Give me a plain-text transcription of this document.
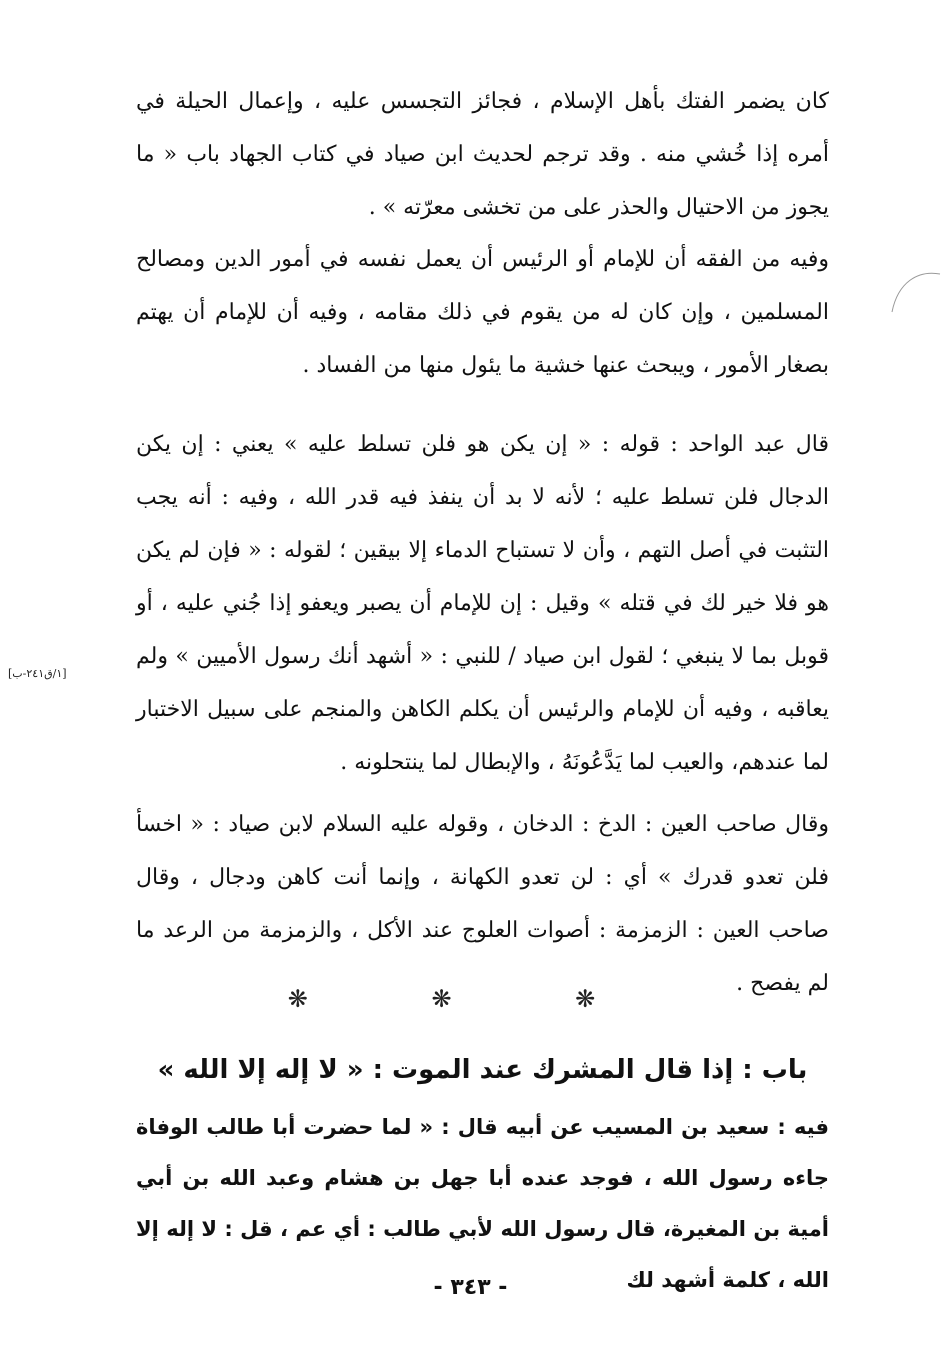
كان يضمر الفتك بأهل الإسلام ، فجائز التجسس عليه ، وإعمال الحيلة في أمره إذا خُشي منه . وقد ترجم لحديث ابن صياد في كتاب الجهاد باب « ما يجوز من الاحتيال والحذر على من تخشى معرّته » .

وفيه من الفقه أن للإمام أو الرئيس أن يعمل نفسه في أمور الدين ومصالح المسلمين ، وإن كان له من يقوم في ذلك مقامه ، وفيه أن للإمام أن يهتم بصغار الأمور ، ويبحث عنها خشية ما يئول منها من الفساد .

قال عبد الواحد : قوله : « إن يكن هو فلن تسلط عليه » يعني : إن يكن الدجال فلن تسلط عليه ؛ لأنه لا بد أن ينفذ فيه قدر الله ، وفيه : أنه يجب التثبت في أصل التهم ، وأن لا تستباح الدماء إلا بيقين ؛ لقوله : « فإن لم يكن هو فلا خير لك في قتله » وقيل : إن للإمام أن يصبر ويعفو إذا جُني عليه ، أو قوبل بما لا ينبغي ؛ لقول ابن صياد / للنبي : « أشهد أنك رسول الأميين » ولم يعاقبه ، وفيه أن للإمام والرئيس أن يكلم الكاهن والمنجم على سبيل الاختبار لما عندهم، والعيب لما يَدَّعُونَهُ ، والإبطال لما ينتحلونه .

[١/ق٢٤١-ب]

وقال صاحب العين : الدخ : الدخان ، وقوله عليه السلام لابن صياد : « اخسأ فلن تعدو قدرك » أي : لن تعدو الكهانة ، وإنما أنت كاهن ودجال ، وقال صاحب العين : الزمزمة : أصوات العلوج عند الأكل ، والزمزمة من الرعد ما لم يفصح .

❋ ❋ ❋
باب : إذا قال المشرك عند الموت : « لا إله إلا الله »

فيه : سعيد بن المسيب عن أبيه قال : « لما حضرت أبا طالب الوفاة جاءه رسول الله ، فوجد عنده أبا جهل بن هشام وعبد الله بن أبي أمية بن المغيرة، قال رسول الله لأبي طالب : أي عم ، قل : لا إله إلا الله ، كلمة أشهد لك

- ٣٤٣ -
